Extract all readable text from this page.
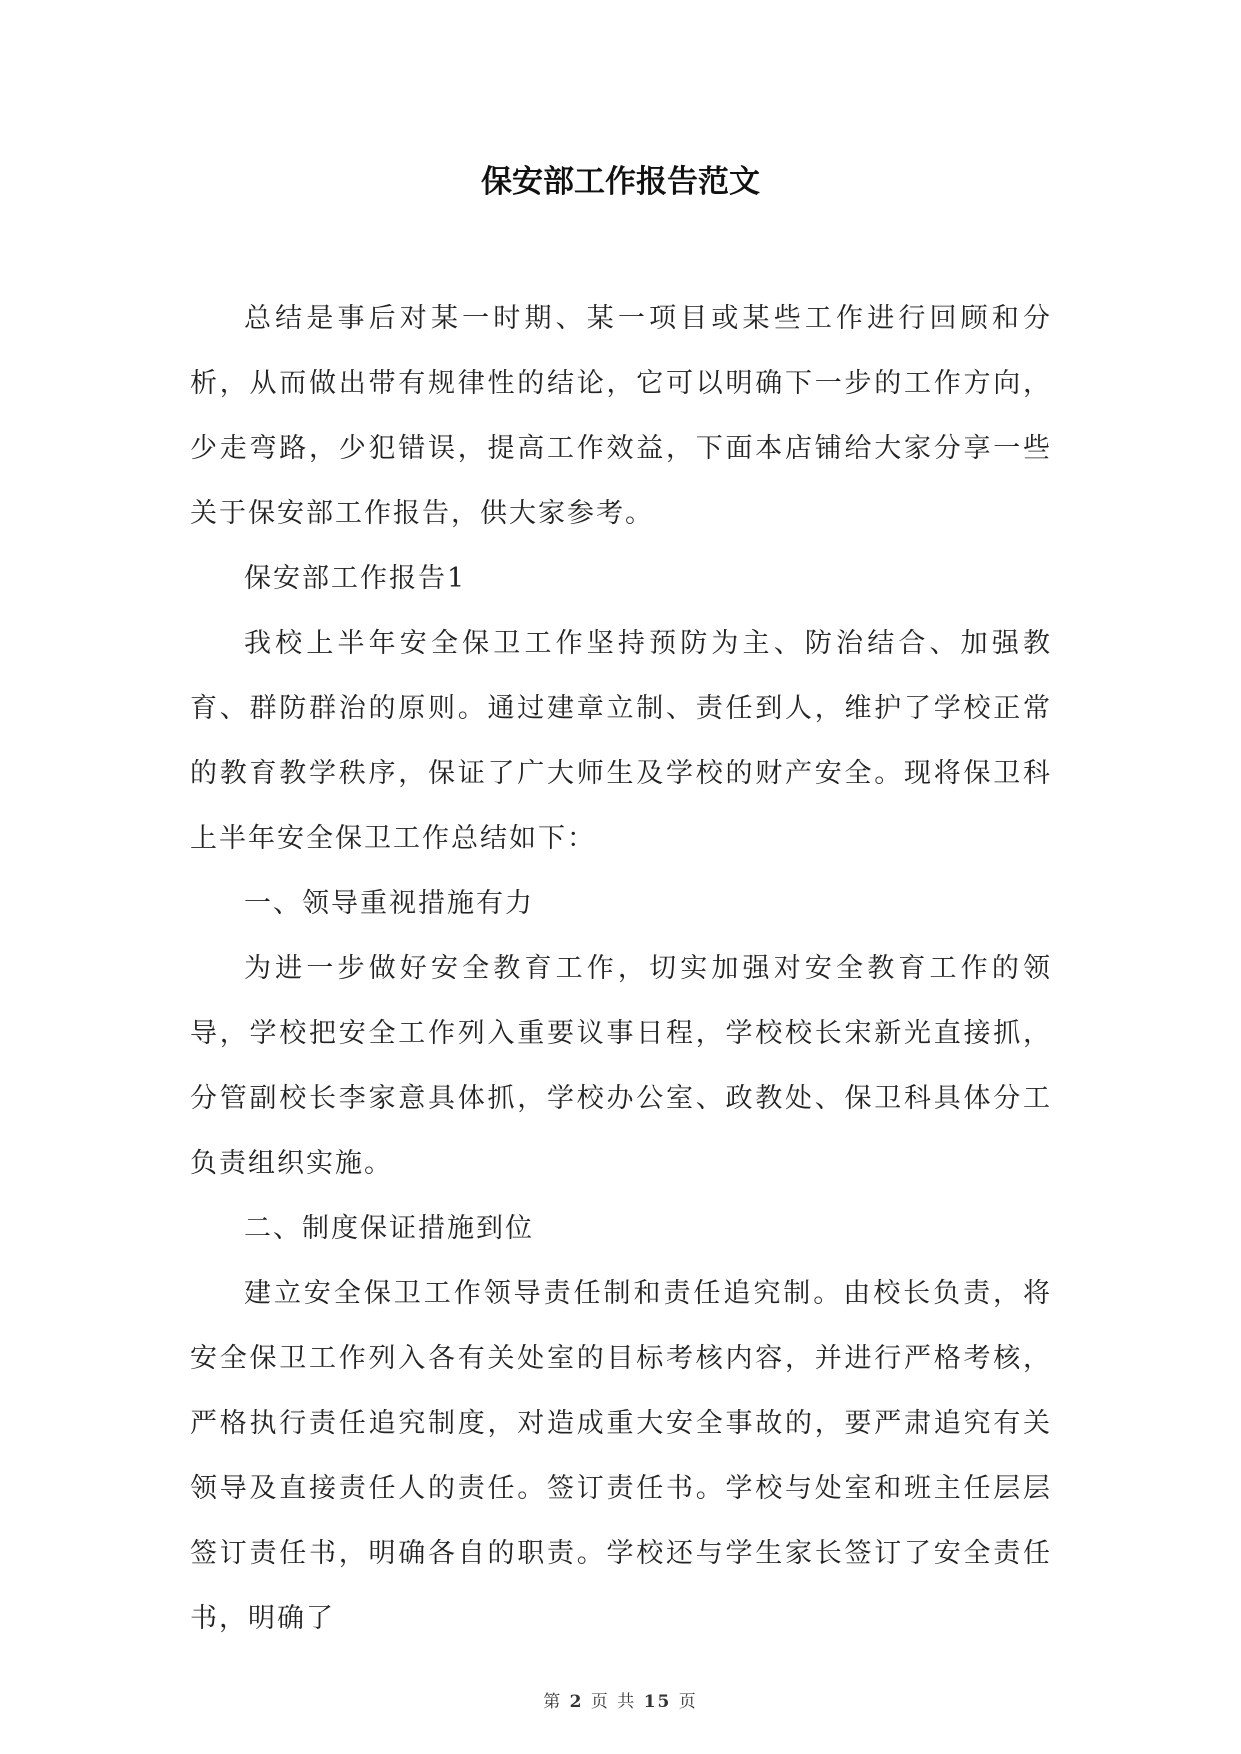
保安部工作报告范文

总结是事后对某一时期、某一项目或某些工作进行回顾和分析，从而做出带有规律性的结论，它可以明确下一步的工作方向，少走弯路，少犯错误，提高工作效益，下面本店铺给大家分享一些关于保安部工作报告，供大家参考。

保安部工作报告1

我校上半年安全保卫工作坚持预防为主、防治结合、加强教育、群防群治的原则。通过建章立制、责任到人，维护了学校正常的教育教学秩序，保证了广大师生及学校的财产安全。现将保卫科上半年安全保卫工作总结如下：

一、领导重视措施有力

为进一步做好安全教育工作，切实加强对安全教育工作的领导，学校把安全工作列入重要议事日程，学校校长宋新光直接抓，分管副校长李家意具体抓，学校办公室、政教处、保卫科具体分工负责组织实施。

二、制度保证措施到位

建立安全保卫工作领导责任制和责任追究制。由校长负责，将安全保卫工作列入各有关处室的目标考核内容，并进行严格考核，严格执行责任追究制度，对造成重大安全事故的，要严肃追究有关领导及直接责任人的责任。签订责任书。学校与处室和班主任层层签订责任书，明确各自的职责。学校还与学生家长签订了安全责任书，明确了

第 2 页 共 15 页
